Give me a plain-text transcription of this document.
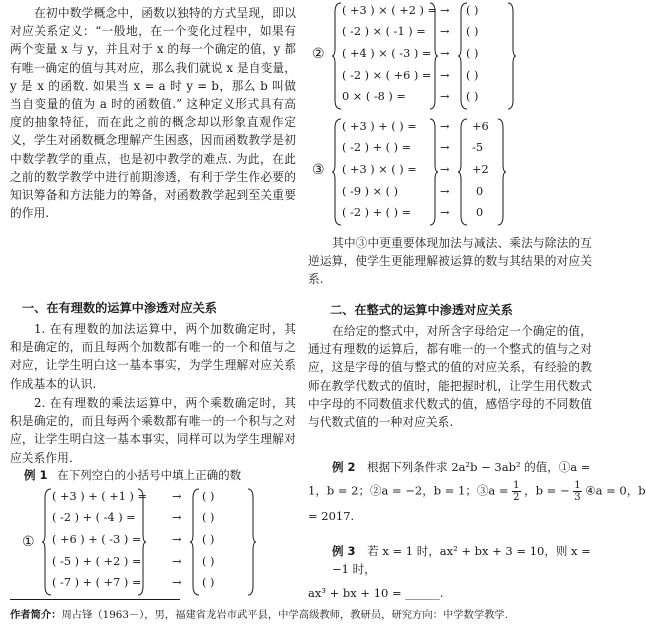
在初中数学概念中，函数以独特的方式呈现，即以对应关系定义：“一般地，在一个变化过程中，如果有两个变量 x 与 y，并且对于 x 的每一个确定的值，y 都有唯一确定的值与其对应，那么我们就说 x 是自变量，y 是 x 的函数. 如果当 x = a 时 y = b，那么 b 叫做当自变量的值为 a 时的函数值.” 这种定义形式具有高度的抽象特征，而在此之前的概念却以形象直观作定义，学生对函数概念理解产生困惑，因而函数教学是初中数学教学的重点，也是初中教学的难点. 为此，在此之前的数学教学中进行前期渗透，有利于学生作必要的知识筹备和方法能力的筹备，对函数教学起到至关重要的作用.

一、在有理数的运算中渗透对应关系

1. 在有理数的加法运算中，两个加数确定时，其和是确定的，而且每两个加数都有唯一的一个和值与之对应，让学生明白这一基本事实，为学生理解对应关系作成基本的认识.

2. 在有理数的乘法运算中，两个乘数确定时，其积是确定的，而且每两个乘数都有唯一的一个积与之对应，让学生明白这一基本事实，同样可以为学生理解对应关系作用.

例 1 在下列空白的小括号中填上正确的数
①
( +3 ) + ( +1 ) = → ( )
( -2 ) + ( -4 ) =	→ ( )
( +6 ) + ( -3 ) =	→ ( )
( -5 ) + ( +2 ) =	→ ( )
( -7 ) + ( +7 ) =	→ ( )
②
( +3 ) × ( +2 ) = → ( )
( -2 ) × ( -1 ) = → ( )
( +4 ) × ( -3 ) = → ( )
( -2 ) × ( +6 ) = → ( )
0 × ( -8 ) =	→ ( )
③
( +3 ) + ( ) = → +6
( -2 ) + ( ) =	→ -5
( +3 ) × ( ) = → +2
( -9 ) × ( )	→ 0
( -2 ) + ( ) =	→ 0

其中③中更重要体现加法与减法、乘法与除法的互逆运算，使学生更能理解被运算的数与其结果的对应关系.

二、在整式的运算中渗透对应关系

在给定的整式中，对所含字母给定一个确定的值，通过有理数的运算后，都有唯一的一个整式的值与之对应，这是字母的值与整式的值的对应关系，有经验的教师在教学代数式的值时，能把握时机，让学生用代数式中字母的不同数值求代数式的值，感悟字母的不同数值与代数式值的一种对应关系.

例 2 根据下列条件求 2a²b − 3ab² 的值，①a =
1，b = 2；②a = −2，b = 1；③a = $\frac{1}{2}$ ，b = − $\frac{1}{3}$ ④a = 0，b
= 2017.
例 3 若 x = 1 时，ax² + bx + 3 = 10，则 x = −1 时，
ax³ + bx + 10 = ______.
作者简介：周占锋（1963－），男，福建省龙岩市武平县，中学高级教师，教研员，研究方向：中学数学教学.
